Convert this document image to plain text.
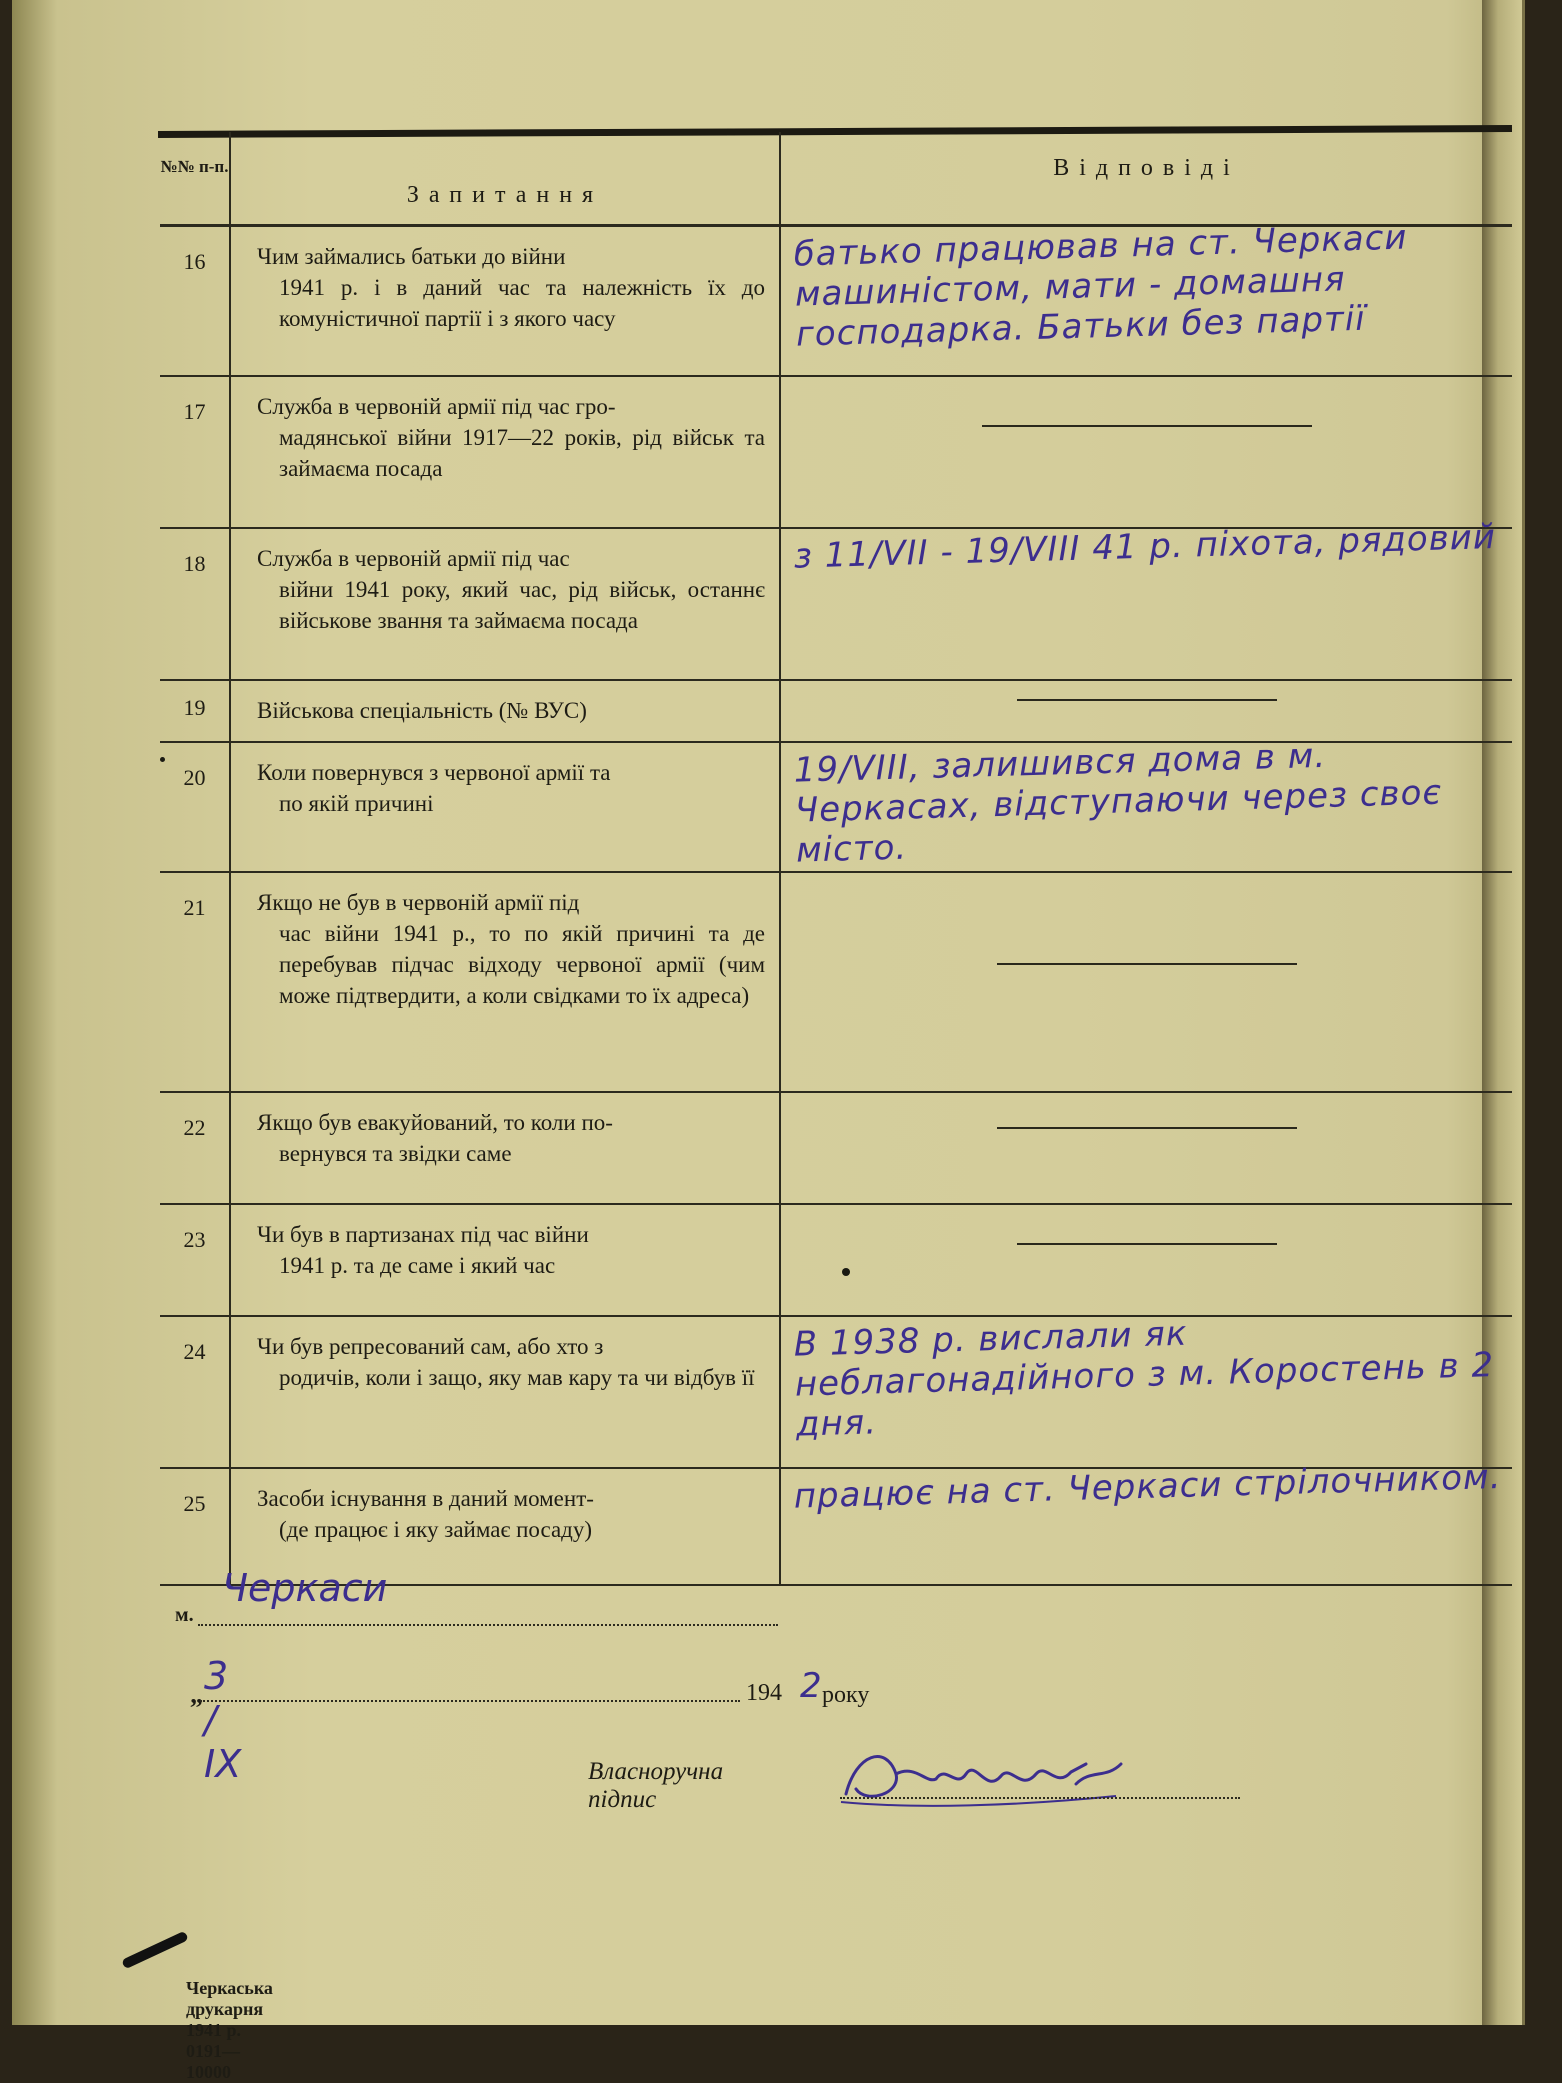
№№ п-п.	Запитання	Відповіді

16	Чим займались батьки до війни
1941 р. і в даний час та належність їх до комуністичної партії і з якого часу	батько працював на ст. Черкаси машиністом, мати - домашня господарка. Батьки без партії

17	Служба в червоній армії під час гро-
мадянської війни 1917—22 років, рід військ та займаєма посада	

18	Служба в червоній армії під час
війни 1941 року, який час, рід військ, останнє військове звання та займаєма посада	з 11/VII - 19/VIII 41 р. піхота, рядовий

19	Військова спеціальність (№ ВУС)	

20	Коли повернувся з червоної армії та
по якій причині	19/VIII, залишився дома в м. Черкасах, відступаючи через своє місто.

21	Якщо не був в червоній армії під
час війни 1941 р., то по якій причині та де перебував підчас відходу червоної армії (чим може підтвердити, а коли свідками то їх адреса)	

22	Якщо був евакуйований, то коли по-
вернувся та звідки саме	

23	Чи був в партизанах під час війни
1941 р. та де саме і який час	

24	Чи був репресований сам, або хто з
родичів, коли і защо, яку мав кару та чи відбув її	В 1938 р. вислали як неблагонадійного з м. Коростень в 2 дня.

25	Засоби існування в даний момент-
(де працює і яку займає посаду)	працює на ст. Черкаси стрілочником.
Черкаси
м.
„ 3 / IX
194 2 року
Власноручна підпис
Черкаська друкарня 1941 р. 0191—10000
